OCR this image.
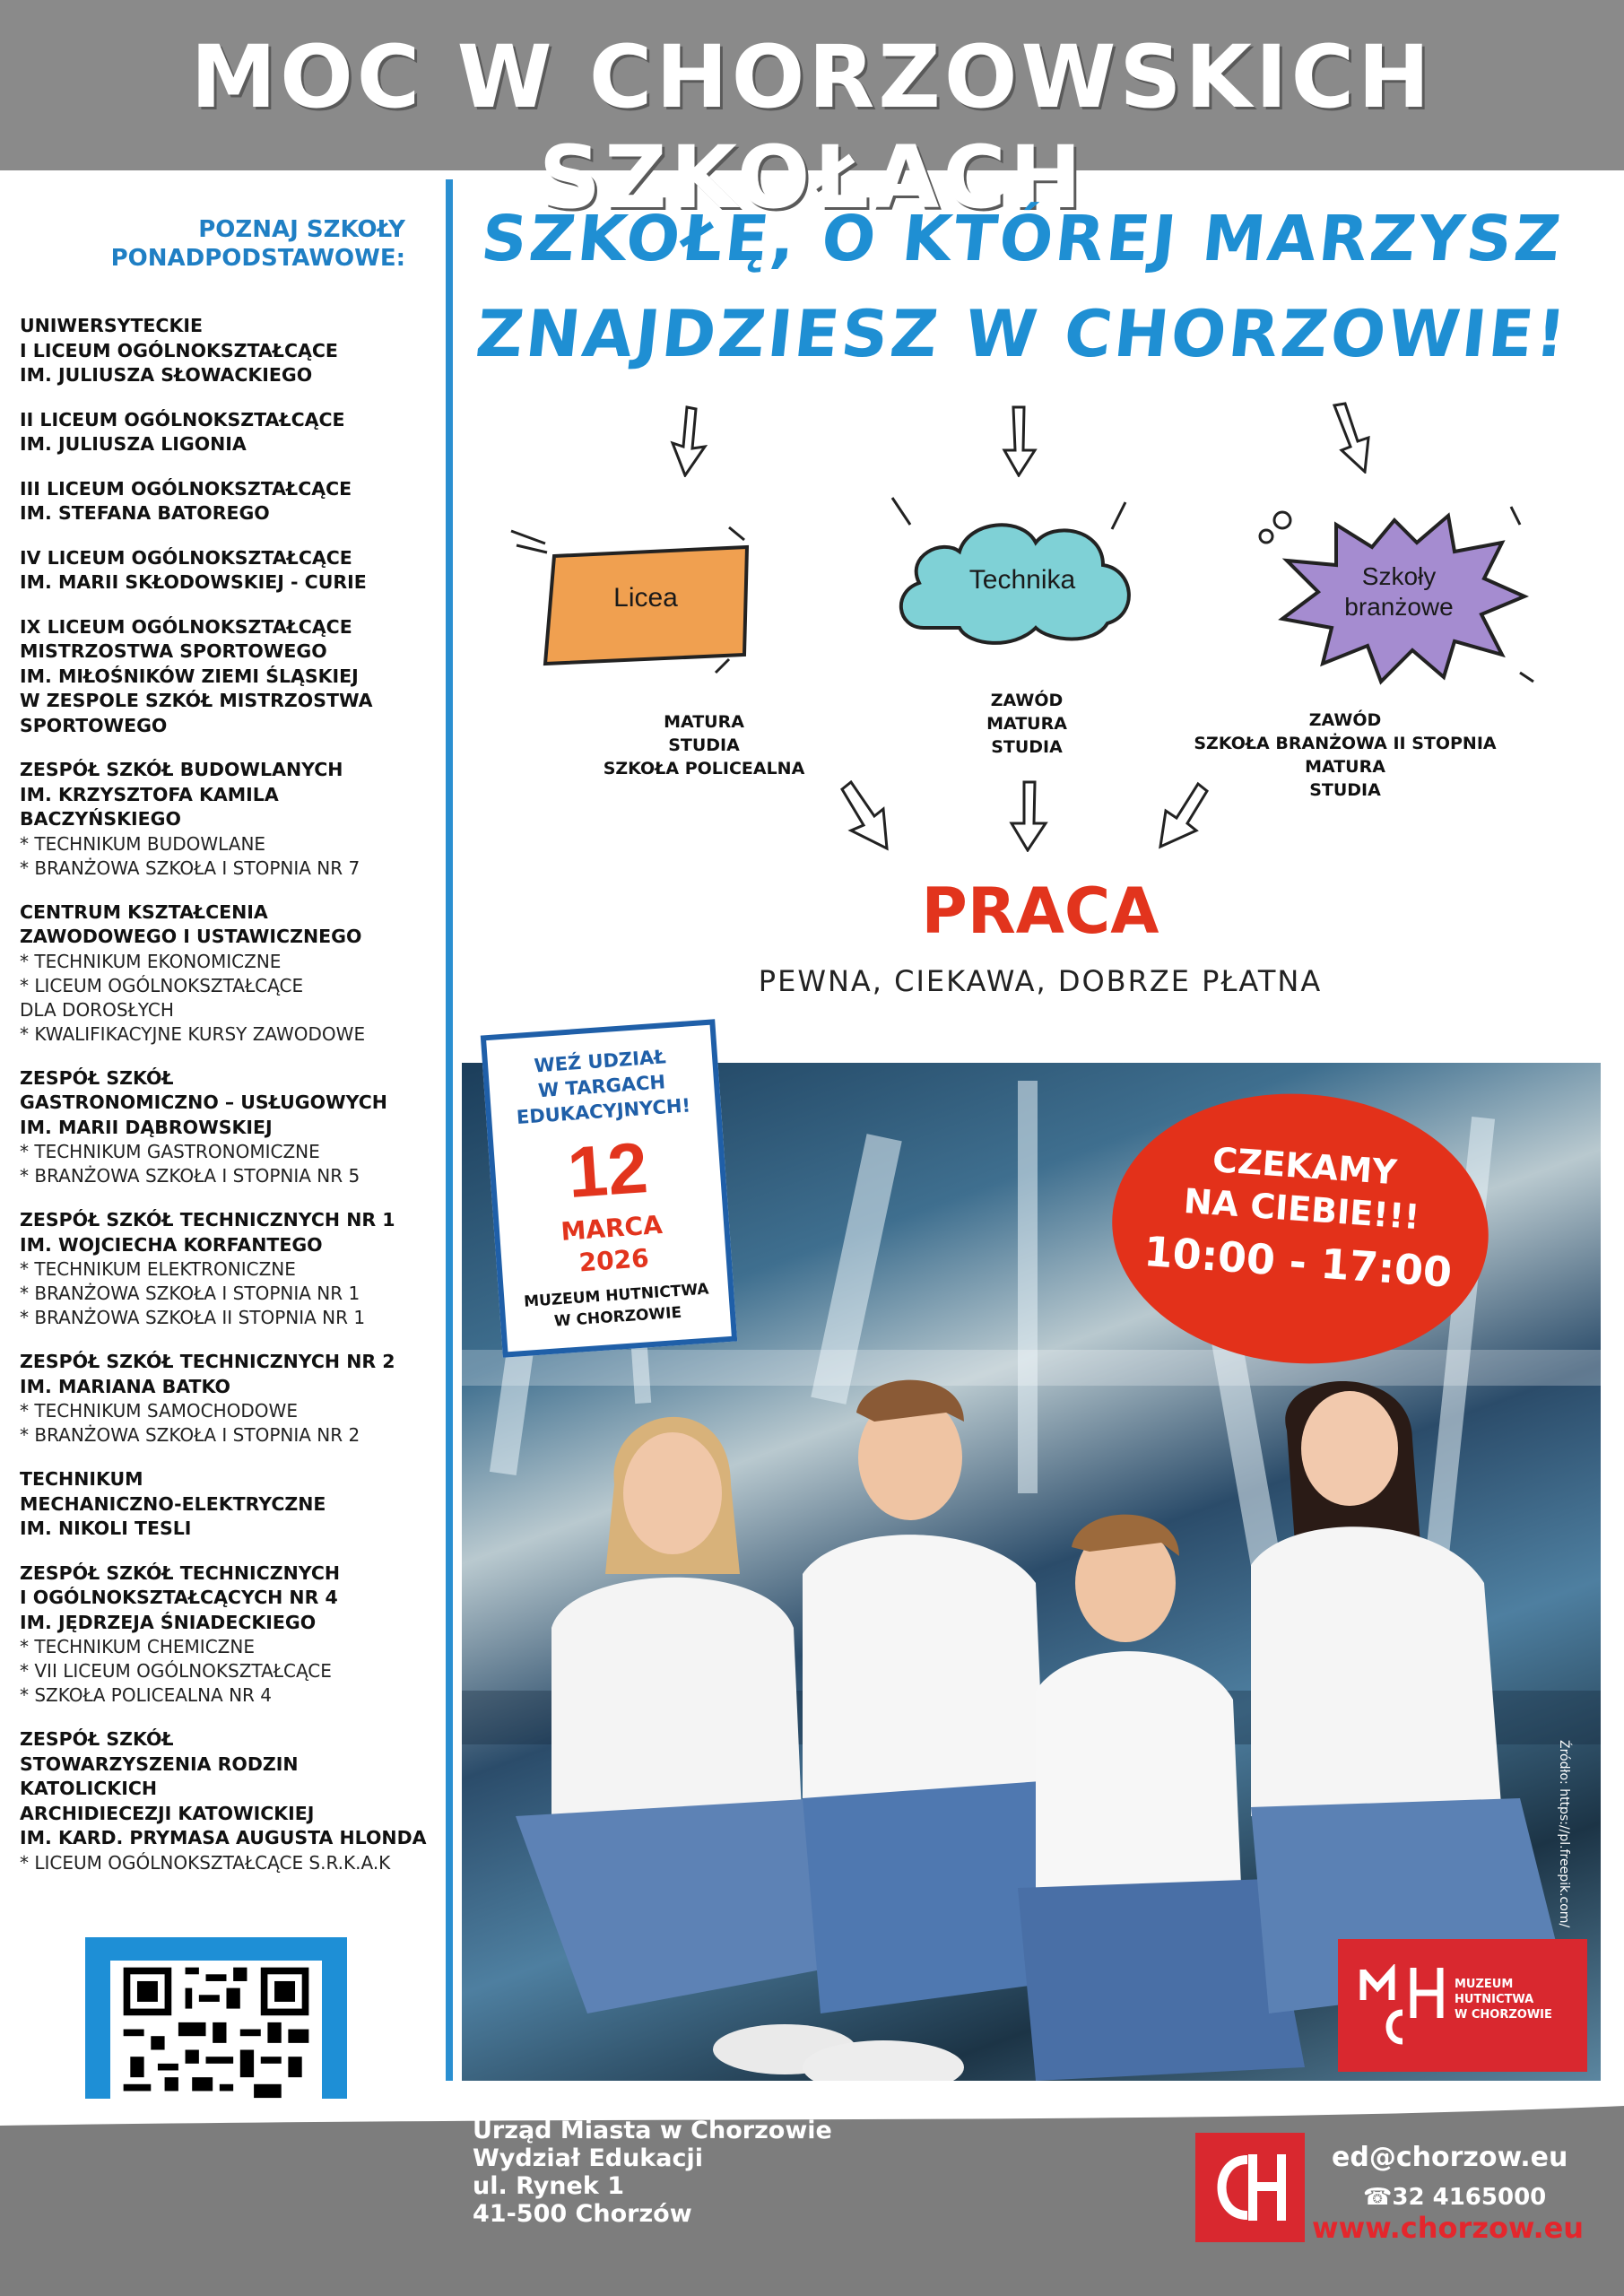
MOC W CHORZOWSKICH SZKOŁACH
POZNAJ SZKOŁY
PONADPODSTAWOWE:
UNIWERSYTECKIE
I LICEUM OGÓLNOKSZTAŁCĄCE
IM. JULIUSZA SŁOWACKIEGO
II LICEUM OGÓLNOKSZTAŁCĄCE
IM. JULIUSZA LIGONIA
III LICEUM OGÓLNOKSZTAŁCĄCE
IM. STEFANA BATOREGO
IV LICEUM OGÓLNOKSZTAŁCĄCE
IM. MARII SKŁODOWSKIEJ - CURIE
IX LICEUM OGÓLNOKSZTAŁCĄCE
MISTRZOSTWA SPORTOWEGO
IM. MIŁOŚNIKÓW ZIEMI ŚLĄSKIEJ
W ZESPOLE SZKÓŁ MISTRZOSTWA
SPORTOWEGO
ZESPÓŁ SZKÓŁ BUDOWLANYCH
IM. KRZYSZTOFA KAMILA
BACZYŃSKIEGO
* TECHNIKUM BUDOWLANE
* BRANŻOWA SZKOŁA I STOPNIA NR 7
CENTRUM KSZTAŁCENIA
ZAWODOWEGO I USTAWICZNEGO
* TECHNIKUM EKONOMICZNE
* LICEUM OGÓLNOKSZTAŁCĄCE
DLA DOROSŁYCH
* KWALIFIKACYJNE KURSY ZAWODOWE
ZESPÓŁ SZKÓŁ
GASTRONOMICZNO – USŁUGOWYCH
IM. MARII DĄBROWSKIEJ
* TECHNIKUM GASTRONOMICZNE
* BRANŻOWA SZKOŁA I STOPNIA NR 5
ZESPÓŁ SZKÓŁ TECHNICZNYCH NR 1
IM. WOJCIECHA KORFANTEGO
* TECHNIKUM ELEKTRONICZNE
* BRANŻOWA SZKOŁA I STOPNIA NR 1
* BRANŻOWA SZKOŁA II STOPNIA NR 1
ZESPÓŁ SZKÓŁ TECHNICZNYCH NR 2
IM. MARIANA BATKO
* TECHNIKUM SAMOCHODOWE
* BRANŻOWA SZKOŁA I STOPNIA NR 2
TECHNIKUM
MECHANICZNO-ELEKTRYCZNE
IM. NIKOLI TESLI
ZESPÓŁ SZKÓŁ TECHNICZNYCH
I OGÓLNOKSZTAŁCĄCYCH NR 4
IM. JĘDRZEJA ŚNIADECKIEGO
* TECHNIKUM CHEMICZNE
* VII LICEUM OGÓLNOKSZTAŁCĄCE
* SZKOŁA POLICEALNA NR 4
ZESPÓŁ SZKÓŁ
STOWARZYSZENIA RODZIN KATOLICKICH
ARCHIDIECEZJI KATOWICKIEJ
IM. KARD. PRYMASA AUGUSTA HLONDA
* LICEUM OGÓLNOKSZTAŁCĄCE S.R.K.A.K
SZKOŁĘ, O KTÓREJ MARZYSZ
ZNAJDZIESZ W CHORZOWIE!
Licea
Technika	Szkoły
branżowe
MATURA
STUDIA
SZKOŁA POLICEALNA
ZAWÓD
MATURA
STUDIA
ZAWÓD
SZKOŁA BRANŻOWA II STOPNIA
MATURA
STUDIA
PRACA
PEWNA, CIEKAWA, DOBRZE PŁATNA
WEŹ UDZIAŁ
W TARGACH
EDUKACYJNYCH!
12
MARCA
2026
MUZEUM HUTNICTWA
W CHORZOWIE
CZEKAMY
NA CIEBIE!!!
10:00 - 17:00
MUZEUM
HUTNICTWA
W CHORZOWIE
Źródło: https://pl.freepik.com/
Urząd Miasta w Chorzowie
Wydział Edukacji
ul. Rynek 1
41-500 Chorzów
ed@chorzow.eu
☎32 4165000
www.chorzow.eu
